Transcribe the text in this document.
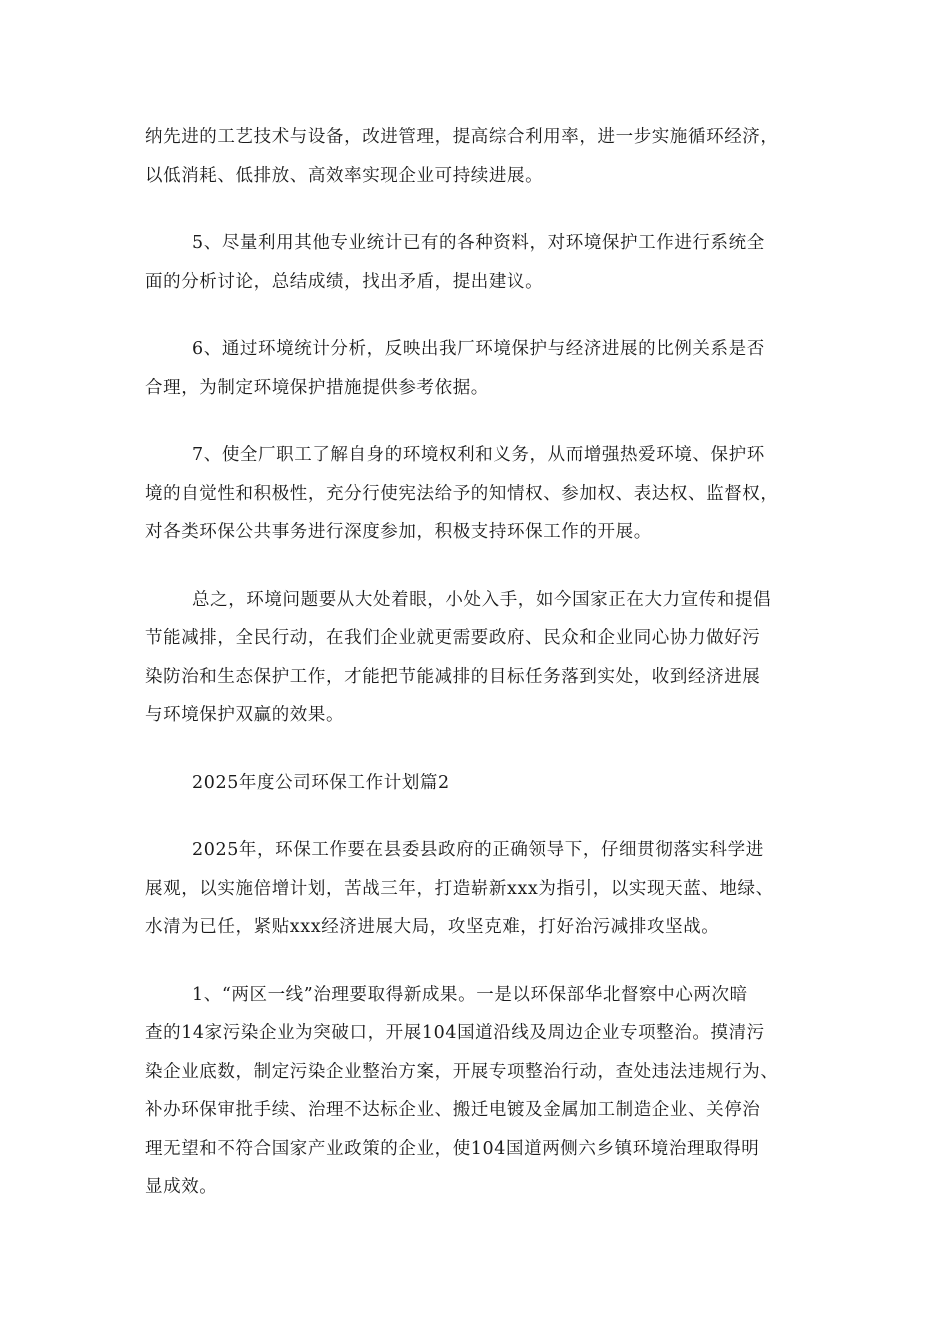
纳先进的工艺技术与设备，改进管理，提高综合利用率，进一步实施循环经济，
以低消耗、低排放、高效率实现企业可持续进展。

5、尽量利用其他专业统计已有的各种资料，对环境保护工作进行系统全
面的分析讨论，总结成绩，找出矛盾，提出建议。

6、通过环境统计分析，反映出我厂环境保护与经济进展的比例关系是否
合理，为制定环境保护措施提供参考依据。

7、使全厂职工了解自身的环境权利和义务，从而增强热爱环境、保护环
境的自觉性和积极性，充分行使宪法给予的知情权、参加权、表达权、监督权，
对各类环保公共事务进行深度参加，积极支持环保工作的开展。

总之，环境问题要从大处着眼，小处入手，如今国家正在大力宣传和提倡
节能减排，全民行动，在我们企业就更需要政府、民众和企业同心协力做好污
染防治和生态保护工作，才能把节能减排的目标任务落到实处，收到经济进展
与环境保护双赢的效果。

2025年度公司环保工作计划篇2

2025年，环保工作要在县委县政府的正确领导下，仔细贯彻落实科学进
展观，以实施倍增计划，苦战三年，打造崭新xxx为指引，以实现天蓝、地绿、
水清为已任，紧贴xxx经济进展大局，攻坚克难，打好治污减排攻坚战。

1、“两区一线”治理要取得新成果。一是以环保部华北督察中心两次暗
查的14家污染企业为突破口，开展104国道沿线及周边企业专项整治。摸清污
染企业底数，制定污染企业整治方案，开展专项整治行动，查处违法违规行为、
补办环保审批手续、治理不达标企业、搬迁电镀及金属加工制造企业、关停治
理无望和不符合国家产业政策的企业，使104国道两侧六乡镇环境治理取得明
显成效。
